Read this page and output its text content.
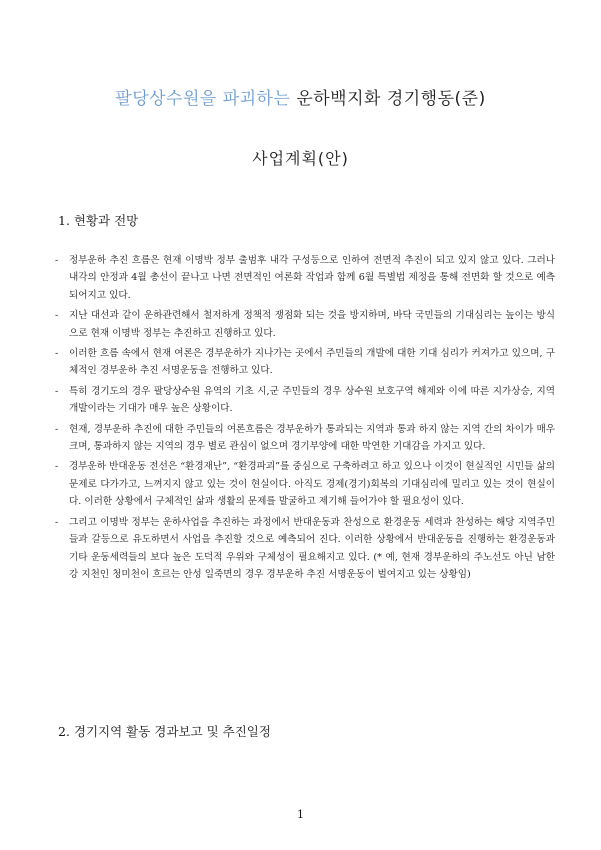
팔당상수원을 파괴하는 운하백지화 경기행동(준)
사업계획(안)
1. 현황과 전망
- 정부운하 추진 흐름은 현재 이명박 정부 출범후 내각 구성등으로 인하여 전면적 추진이 되고 있지 않고 있다. 그러나 내각의 안정과 4월 총선이 끝나고 나면 전면적인 여론화 작업과 함께 6월 특별법 제정을 통해 전면화 할 것으로 예측되어지고 있다.
- 지난 대선과 같이 운하관련해서 철저하게 정책적 쟁점화 되는 것을 방지하며, 바닥 국민들의 기대심리는 높이는 방식으로 현재 이명박 정부는 추진하고 진행하고 있다.
- 이러한 흐름 속에서 현재 여론은 경부운하가 지나가는 곳에서 주민들의 개발에 대한 기대 심리가 커져가고 있으며, 구체적인 경부운하 추진 서명운동을 전행하고 있다.
- 특히 경기도의 경우 팔당상수원 유역의 기초 시,군 주민들의 경우 상수원 보호구역 해제와 이에 따른 지가상승, 지역개발이라는 기대가 매우 높은 상황이다.
- 현재, 경부운하 추진에 대한 주민들의 여론흐름은 경부운하가 통과되는 지역과 통과 하지 않는 지역 간의 차이가 매우 크며, 통과하지 않는 지역의 경우 별로 관심이 없으며 경기부양에 대한 막연한 기대감을 가지고 있다.
- 경부운하 반대운동 전선은 “환경재난”, “환경파괴”를 중심으로 구축하려고 하고 있으나 이것이 현실적인 시민들 삶의 문제로 다가가고, 느껴지지 않고 있는 것이 현실이다. 아직도 경제(경기)회복의 기대심리에 밀리고 있는 것이 현실이다. 이러한 상황에서 구체적인 삶과 생활의 문제를 발굴하고 제기해 들어가야 할 필요성이 있다.
- 그리고 이명박 정부는 운하사업을 추진하는 과정에서 반대운동과 찬성으로 환경운동 세력과 찬성하는 해당 지역주민들과 갈등으로 유도하면서 사업을 추진할 것으로 예측되어 진다. 이러한 상황에서 반대운동을 진행하는 환경운동과 기타 운동세력들의 보다 높은 도덕적 우위와 구체성이 필요해지고 있다. (* 예, 현재 경부운하의 주노선도 아닌 남한강 지천인 청미천이 흐르는 안성 일죽면의 경우 경부운하 추진 서명운동이 벌여지고 있는 상황임)
2. 경기지역 활동 경과보고 및 추진일정
1
